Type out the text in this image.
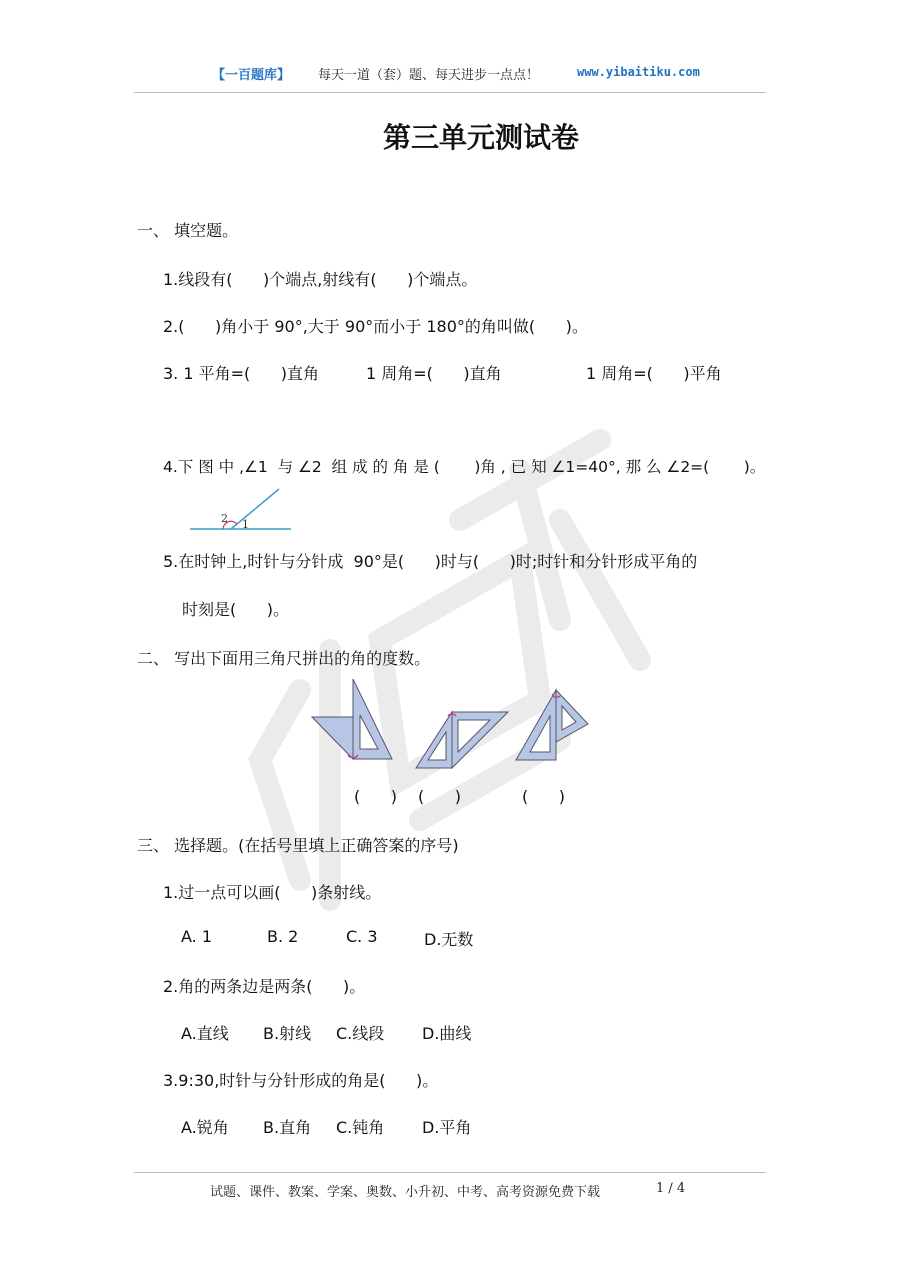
【一百题库】 每天一道（套）题、每天进步一点点！	www.yibaitiku.com
第三单元测试卷
一、 填空题。
1.线段有(      )个端点,射线有(      )个端点。
2.(      )角小于 90°,大于 90°而小于 180°的角叫做(      )。
3. 1 平角=(      )直角	1 周角=(      )直角	1 周角=(      )平角
4.下 图 中 ,∠1  与 ∠2  组 成 的 角 是 (       )角 , 已 知 ∠1=40°, 那 么 ∠2=(       )。
2 1
5.在时钟上,时针与分针成  90°是(      )时与(      )时;时针和分针形成平角的
时刻是(      )。
二、 写出下面用三角尺拼出的角的度数。
(      ) (      )	(      )
三、 选择题。(在括号里填上正确答案的序号)
1.过一点可以画(      )条射线。
A. 1	B. 2	C. 3	D.无数
2.角的两条边是两条(      )。
A.直线 B.射线 C.线段 D.曲线
3.9:30,时针与分针形成的角是(      )。
A.锐角 B.直角 C.钝角 D.平角
试题、课件、教案、学案、奥数、小升初、中考、高考资源免费下载	1 / 4
